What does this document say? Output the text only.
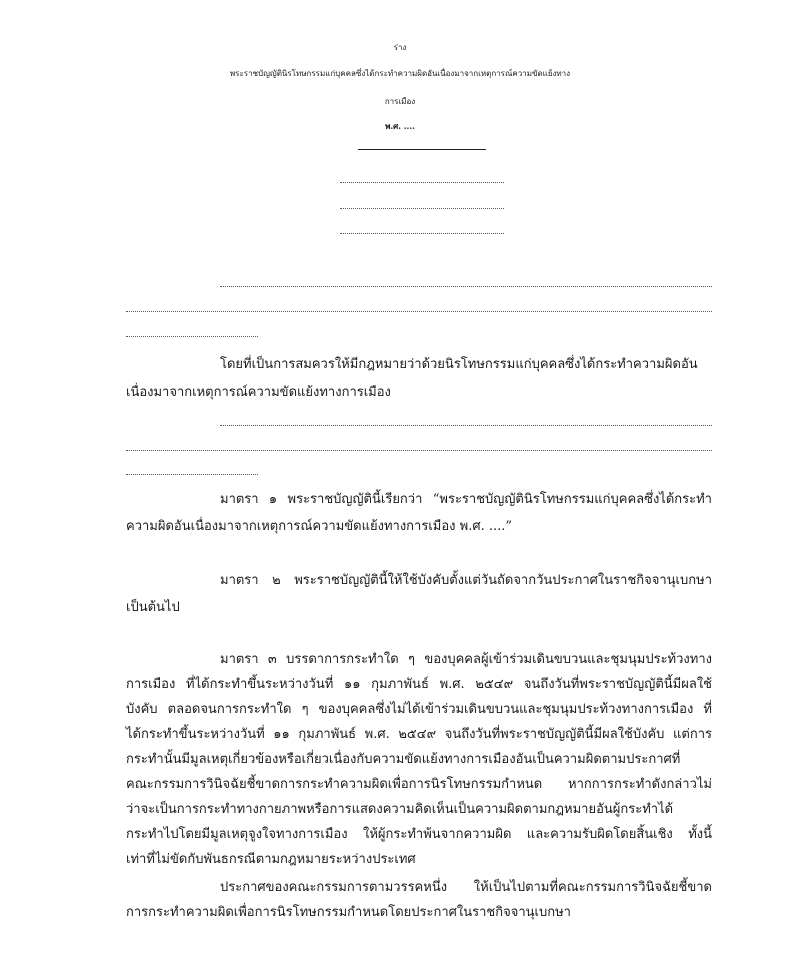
ร่าง
พระราชบัญญัตินิรโทษกรรมแก่บุคคลซึ่งได้กระทำความผิดอันเนื่องมาจากเหตุการณ์ความขัดแย้งทาง
การเมือง
พ.ศ. ....
โดยที่เป็นการสมควรให้มีกฎหมายว่าด้วยนิรโทษกรรมแก่บุคคลซึ่งได้กระทำความผิดอัน
เนื่องมาจากเหตุการณ์ความขัดแย้งทางการเมือง
มาตรา ๑ พระราชบัญญัตินี้เรียกว่า “พระราชบัญญัตินิรโทษกรรมแก่บุคคลซึ่งได้กระทำ
ความผิดอันเนื่องมาจากเหตุการณ์ความขัดแย้งทางการเมือง พ.ศ. ....”
มาตรา ๒ พระราชบัญญัตินี้ให้ใช้บังคับตั้งแต่วันถัดจากวันประกาศในราชกิจจานุเบกษา
เป็นต้นไป
มาตรา ๓ บรรดาการกระทำใด ๆ ของบุคคลผู้เข้าร่วมเดินขบวนและชุมนุมประท้วงทาง
การเมือง ที่ได้กระทำขึ้นระหว่างวันที่ ๑๑ กุมภาพันธ์ พ.ศ. ๒๕๔๙ จนถึงวันที่พระราชบัญญัตินี้มีผลใช้
บังคับ ตลอดจนการกระทำใด ๆ ของบุคคลซึ่งไม่ได้เข้าร่วมเดินขบวนและชุมนุมประท้วงทางการเมือง ที่
ได้กระทำขึ้นระหว่างวันที่ ๑๑ กุมภาพันธ์ พ.ศ. ๒๕๔๙ จนถึงวันที่พระราชบัญญัตินี้มีผลใช้บังคับ แต่การ
กระทำนั้นมีมูลเหตุเกี่ยวข้องหรือเกี่ยวเนื่องกับความขัดแย้งทางการเมืองอันเป็นความผิดตามประกาศที่
คณะกรรมการวินิจฉัยชี้ขาดการกระทำความผิดเพื่อการนิรโทษกรรมกำหนด หากการกระทำดังกล่าวไม่
ว่าจะเป็นการกระทำทางกายภาพหรือการแสดงความคิดเห็นเป็นความผิดตามกฎหมายอันผู้กระทำได้
กระทำไปโดยมีมูลเหตุจูงใจทางการเมือง ให้ผู้กระทำพ้นจากความผิด และความรับผิดโดยสิ้นเชิง ทั้งนี้
เท่าที่ไม่ขัดกับพันธกรณีตามกฎหมายระหว่างประเทศ
ประกาศของคณะกรรมการตามวรรคหนึ่ง ให้เป็นไปตามที่คณะกรรมการวินิจฉัยชี้ขาด
การกระทำความผิดเพื่อการนิรโทษกรรมกำหนดโดยประกาศในราชกิจจานุเบกษา
